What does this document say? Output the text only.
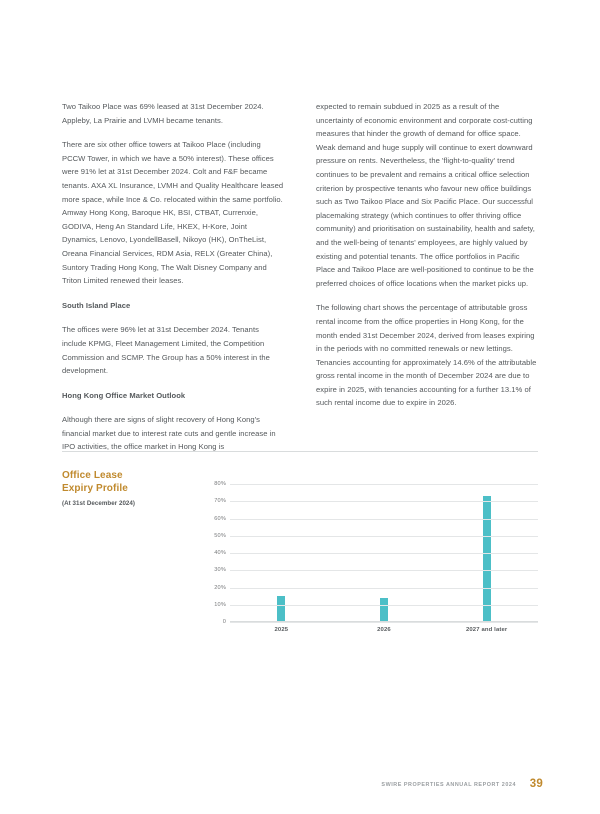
Two Taikoo Place was 69% leased at 31st December 2024. Appleby, La Prairie and LVMH became tenants.

There are six other office towers at Taikoo Place (including PCCW Tower, in which we have a 50% interest). These offices were 91% let at 31st December 2024. Colt and F&F became tenants. AXA XL Insurance, LVMH and Quality Healthcare leased more space, while Ince & Co. relocated within the same portfolio. Amway Hong Kong, Baroque HK, BSI, CTBAT, Currenxie, GODIVA, Heng An Standard Life, HKEX, H-Kore, Joint Dynamics, Lenovo, LyondellBasell, Nikoyo (HK), OnTheList, Oreana Financial Services, RDM Asia, RELX (Greater China), Suntory Trading Hong Kong, The Walt Disney Company and Triton Limited renewed their leases.

South Island Place

The offices were 96% let at 31st December 2024. Tenants include KPMG, Fleet Management Limited, the Competition Commission and SCMP. The Group has a 50% interest in the development.

Hong Kong Office Market Outlook

Although there are signs of slight recovery of Hong Kong's financial market due to interest rate cuts and gentle increase in IPO activities, the office market in Hong Kong is

expected to remain subdued in 2025 as a result of the uncertainty of economic environment and corporate cost-cutting measures that hinder the growth of demand for office space. Weak demand and huge supply will continue to exert downward pressure on rents. Nevertheless, the 'flight-to-quality' trend continues to be prevalent and remains a critical office selection criterion by prospective tenants who favour new office buildings such as Two Taikoo Place and Six Pacific Place. Our successful placemaking strategy (which continues to offer thriving office community) and prioritisation on sustainability, health and safety, and the well-being of tenants' employees, are highly valued by existing and potential tenants. The office portfolios in Pacific Place and Taikoo Place are well-positioned to continue to be the preferred choices of office locations when the market picks up.

The following chart shows the percentage of attributable gross rental income from the office properties in Hong Kong, for the month ended 31st December 2024, derived from leases expiring in the periods with no committed renewals or new lettings. Tenancies accounting for approximately 14.6% of the attributable gross rental income in the month of December 2024 are due to expire in 2025, with tenancies accounting for a further 13.1% of such rental income due to expire in 2026.

Office Lease
Expiry Profile
(At 31st December 2024)
0
10%
20%
30%
40%
50%
60%
70%
80%
2025	2026	2027 and later
SWIRE PROPERTIES ANNUAL REPORT 2024 39
